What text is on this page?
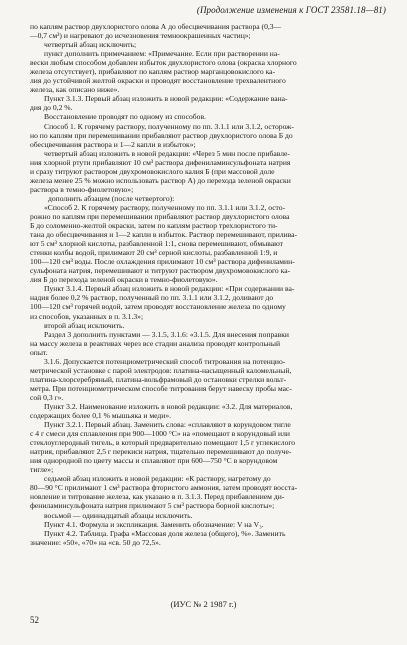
(Продолжение изменения к ГОСТ 23581.18—81)
по каплям раствор двухлористого олова А до обесцвечивания раствора (0,3—
—0,7 см³) и нагревают до исчезновения темноокрашенных частиц»;
четвертый абзац исключить;
пункт дополнить примечанием: «Примечание. Если при растворении на-
вески любым способом добавлен избыток двухлористого олова (окраска хлорного
железа отсутствует), прибавляют по каплям раствор марганцовокислого ка-
лия до устойчивой желтой окраски и проводят восстановление трехвалентного
железа, как описано ниже».
Пункт 3.1.3. Первый абзац изложить в новой редакции: «Содержание вана-
дия до 0,2 %.
Восстановление проводят по одному из способов.
Способ 1. К горячему раствору, полученному по пп. 3.1.1 или 3.1.2, осторож-
но по каплям при перемешивании прибавляют раствор двухлористого олова Б до
обесцвечивания раствора и 1—2 капли в избыток»;
четвертый абзац изложить в новой редакции: «Через 5 мин после прибавле-
ния хлорной ртути прибавляют 10 см³ раствора дифениламинсульфоната натрия
и сразу титруют раствором двухромовокислого калия Б (при массовой доле
железа менее 25 % можно использовать раствор А) до перехода зеленой окраски
раствора в темно-фиолетовую»;
дополнить абзацем (после четвертого):
«Способ 2. К горячему раствору, полученному по пп. 3.1.1 или 3.1.2, осто-
рожно по каплям при перемешивании прибавляют раствор двухлористого олова
Б до соломенно-желтой окраски, затем по каплям раствор трехлористого ти-
тана до обесцвечивания и 1—2 капли в избыток. Раствор перемешивают, прилива-
ют 5 см³ хлорной кислоты, разбавленной 1:1, снова перемешивают, обмывают
стенки колбы водой, прилимают 20 см³ серной кислоты, разбавленной 1:9, и
100—120 см³ воды. После охлаждения прилимают 10 см³ раствора дифениламин-
сульфоната натрия, перемешивают и титруют раствором двухромовокислого ка-
лия Б до перехода зеленой окраски в темно-фиолетовую».
Пункт 3.1.4. Первый абзац изложить в новой редакции: «При содержании ва-
надия более 0,2 % раствор, полученный по пп. 3.1.1 или 3.1.2, доливают до
100—120 см³ горячей водой, затем проводят восстановление железа по одному
из способов, указанных в п. 3.1.3»;
второй абзац исключить.
Раздел 3 дополнить пунктами — 3.1.5, 3.1.6: «3.1.5. Для внесения поправки
на массу железа в реактивах через все стадии анализа проводят контрольный
опыт.
3.1.6. Допускается потенциометрический способ титрования на потенцио-
метрической установке с парой электродов: платина-насыщенный каломельный,
платина-хлорсеребряный, платина-вольфрамовый до остановки стрелки вольт-
метра. При потенциометрическом способе титрования берут навеску пробы мас-
сой 0,3 г».
Пункт 3.2. Наименование изложить в новой редакции: «3.2. Для материалов,
содержащих более 0,1 % мышьяка и меди».
Пункт 3.2.1. Первый абзац. Заменить слова: «сплавляют в корундовом тигле
с 4 г смеси для сплавления при 900—1000 °С» на «помещают в корундовый или
стеклоуглеродный тигель, в который предварительно помещают 1,5 г углекислого
натрия, прибавляют 2,5 г перекиси натрия, тщательно перемешивают до получе-
ния однородной по цвету массы и сплавляют при 600—750 °С в корундовом
тигле»;
седьмой абзац изложить в новой редакции: «К раствору, нагретому до
80—90 °С прилимают 1 см³ раствора фтористого аммония, затем проводят восста-
новление и титрование железа, как указано в п. 3.1.3. Перед прибавлением ди-
фениламинсульфоната натрия прилимают 5 см³ раствора борной кислоты»;
восьмой — одиннадцатый абзацы исключить.
Пункт 4.1. Формула и экспликация. Заменить обозначение: V на V₃.
Пункт 4.2. Таблица. Графа «Массовая доля железа (общего), %». Заменить
значение: «50», «70» на «св. 50 до 72,5».
(ИУС № 2 1987 г.)
52
